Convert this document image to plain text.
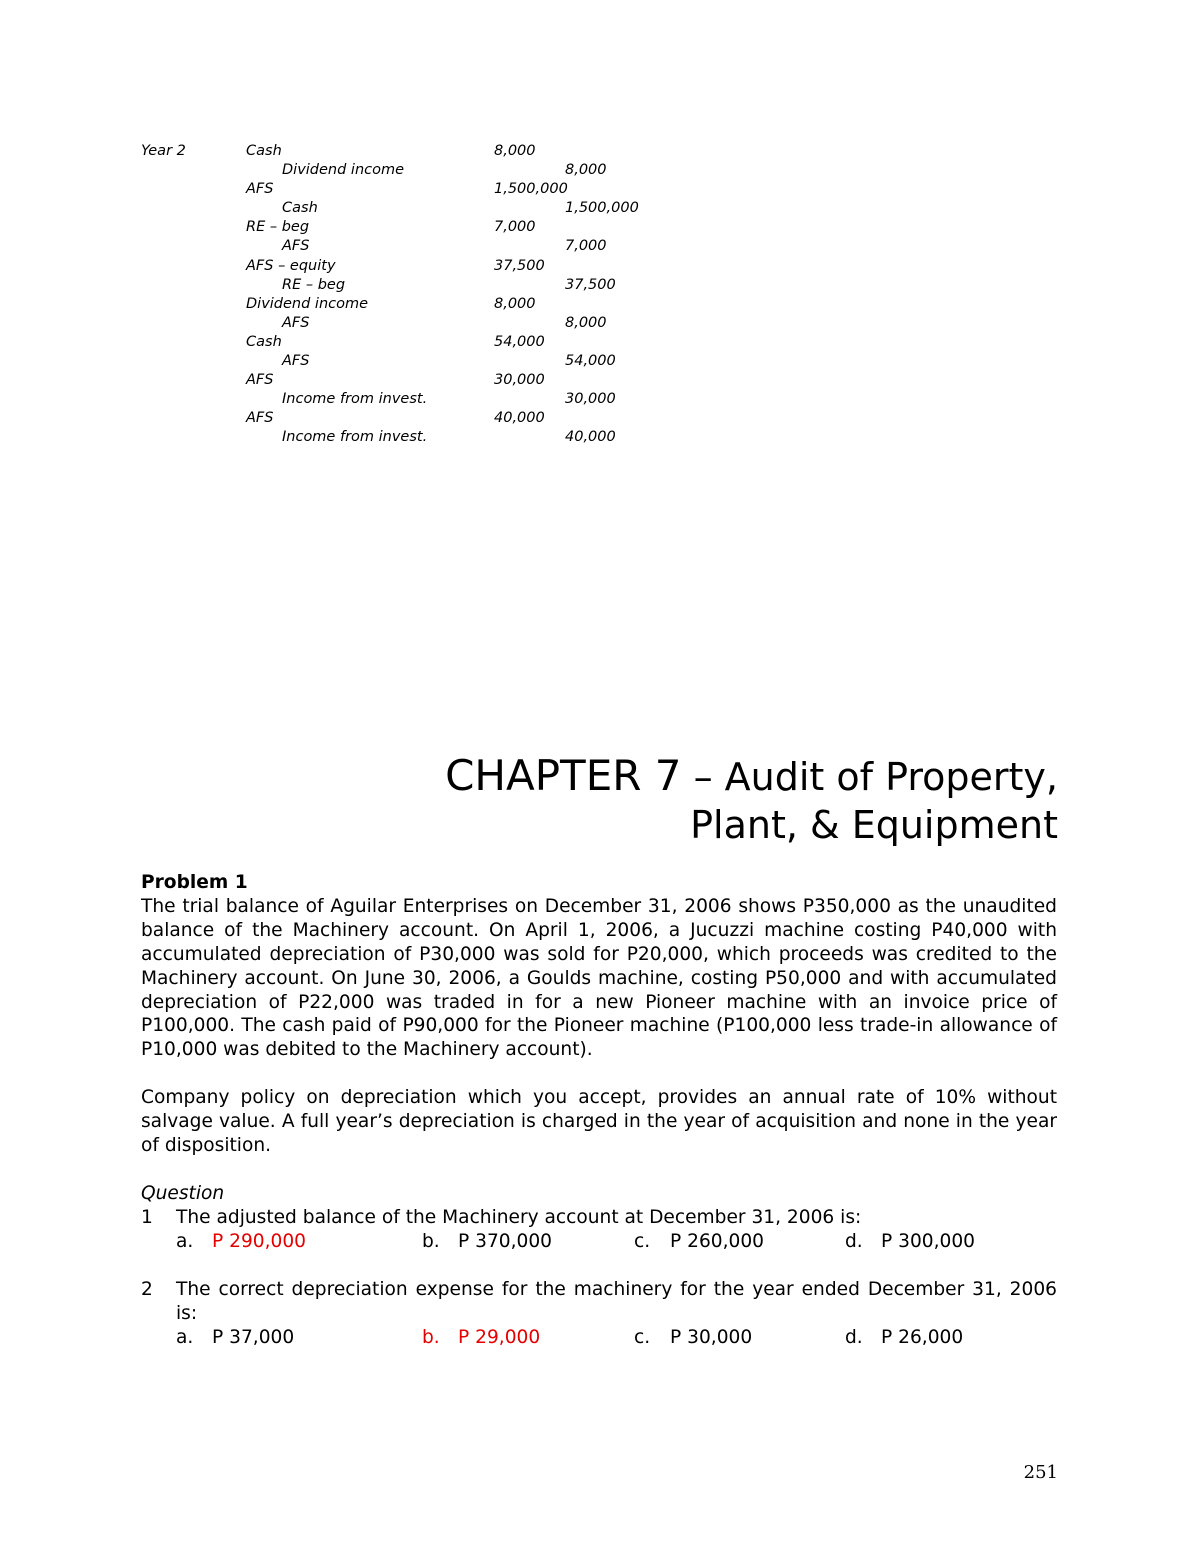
Year 2	Cash	8,000
Dividend income	8,000
AFS	1,500,000
Cash	1,500,000
RE – beg	7,000
AFS	7,000
AFS – equity	37,500
RE – beg	37,500
Dividend income	8,000
AFS	8,000
Cash	54,000
AFS	54,000
AFS	30,000
Income from invest.	30,000
AFS	40,000
Income from invest.	40,000
CHAPTER 7 – Audit of Property,
Plant, & Equipment
Problem 1

The trial balance of Aguilar Enterprises on December 31, 2006 shows P350,000 as the unaudited balance of the Machinery account. On April 1, 2006, a Jucuzzi machine costing P40,000 with accumulated depreciation of P30,000 was sold for P20,000, which proceeds was credited to the Machinery account. On June 30, 2006, a Goulds machine, costing P50,000 and with accumulated depreciation of P22,000 was traded in for a new Pioneer machine with an invoice price of P100,000. The cash paid of P90,000 for the Pioneer machine (P100,000 less trade-in allowance of P10,000 was debited to the Machinery account).

Company policy on depreciation which you accept, provides an annual rate of 10% without salvage value. A full year’s depreciation is charged in the year of acquisition and none in the year of disposition.

Question
1 The adjusted balance of the Machinery account at December 31, 2006 is:
a. P 290,000	b. P 370,000	c. P 260,000	d. P 300,000
2 The correct depreciation expense for the machinery for the year ended December 31, 2006 is:
a. P 37,000	b. P 29,000	c. P 30,000	d. P 26,000
251
